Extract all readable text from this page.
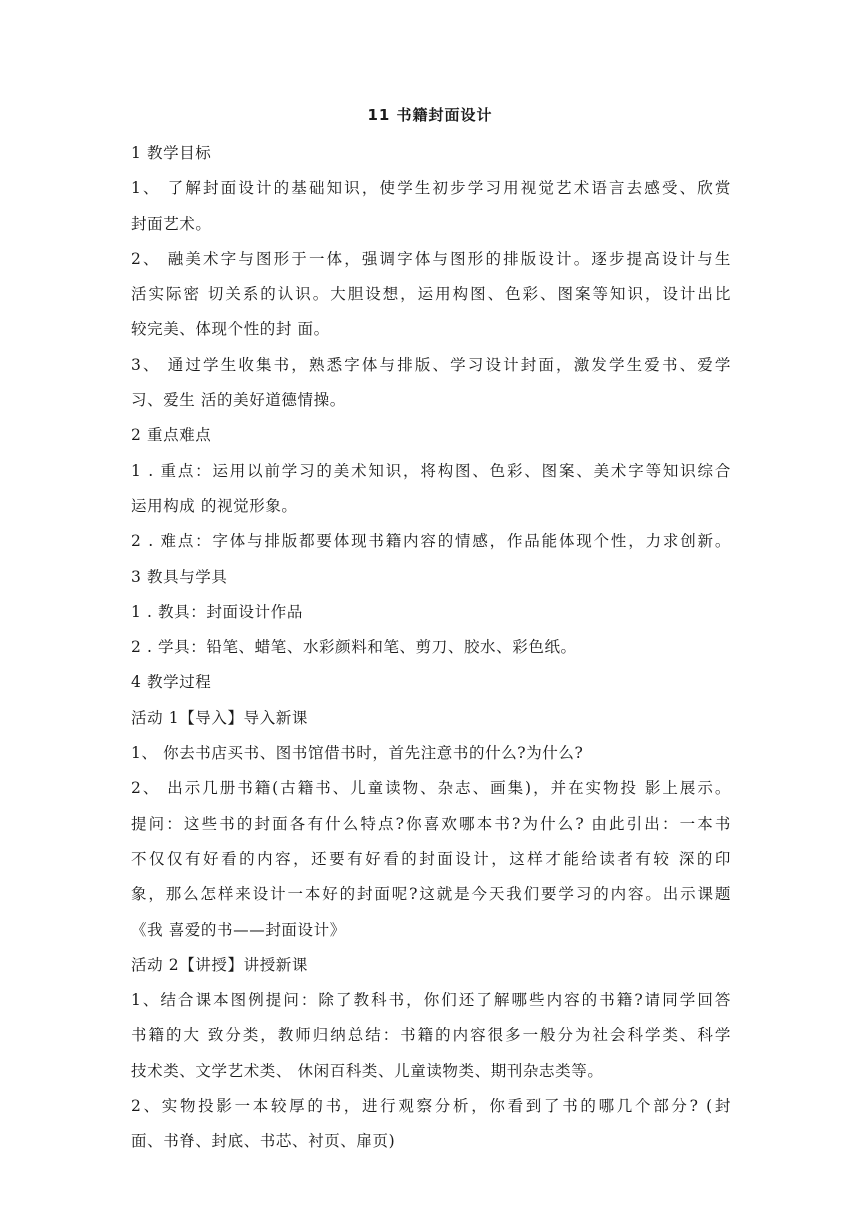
11 书籍封面设计
1 教学目标
1、 了解封面设计的基础知识，使学生初步学习用视觉艺术语言去感受、欣赏
封面艺术。
2、 融美术字与图形于一体，强调字体与图形的排版设计。逐步提高设计与生
活实际密 切关系的认识。大胆设想，运用构图、色彩、图案等知识，设计出比
较完美、体现个性的封 面。
3、 通过学生收集书，熟悉字体与排版、学习设计封面，激发学生爱书、爱学
习、爱生 活的美好道德情操。
2 重点难点
1 . 重点：运用以前学习的美术知识，将构图、色彩、图案、美术字等知识综合
运用构成 的视觉形象。
2 . 难点：字体与排版都要体现书籍内容的情感，作品能体现个性，力求创新。
3 教具与学具
1 . 教具：封面设计作品
2 . 学具：铅笔、蜡笔、水彩颜料和笔、剪刀、胶水、彩色纸。
4 教学过程
活动 1【导入】导入新课
1、 你去书店买书、图书馆借书时，首先注意书的什么?为什么?
2、 出示几册书籍(古籍书、儿童读物、杂志、画集)，并在实物投 影上展示。
提问：这些书的封面各有什么特点?你喜欢哪本书?为什么? 由此引出：一本书
不仅仅有好看的内容，还要有好看的封面设计，这样才能给读者有较 深的印
象，那么怎样来设计一本好的封面呢?这就是今天我们要学习的内容。出示课题
《我 喜爱的书——封面设计》
活动 2【讲授】讲授新课
1、结合课本图例提问：除了教科书，你们还了解哪些内容的书籍?请同学回答
书籍的大 致分类，教师归纳总结：书籍的内容很多一般分为社会科学类、科学
技术类、文学艺术类、 休闲百科类、儿童读物类、期刊杂志类等。
2、实物投影一本较厚的书，进行观察分析，你看到了书的哪几个部分? (封
面、书脊、封底、书芯、衬页、扉页)
